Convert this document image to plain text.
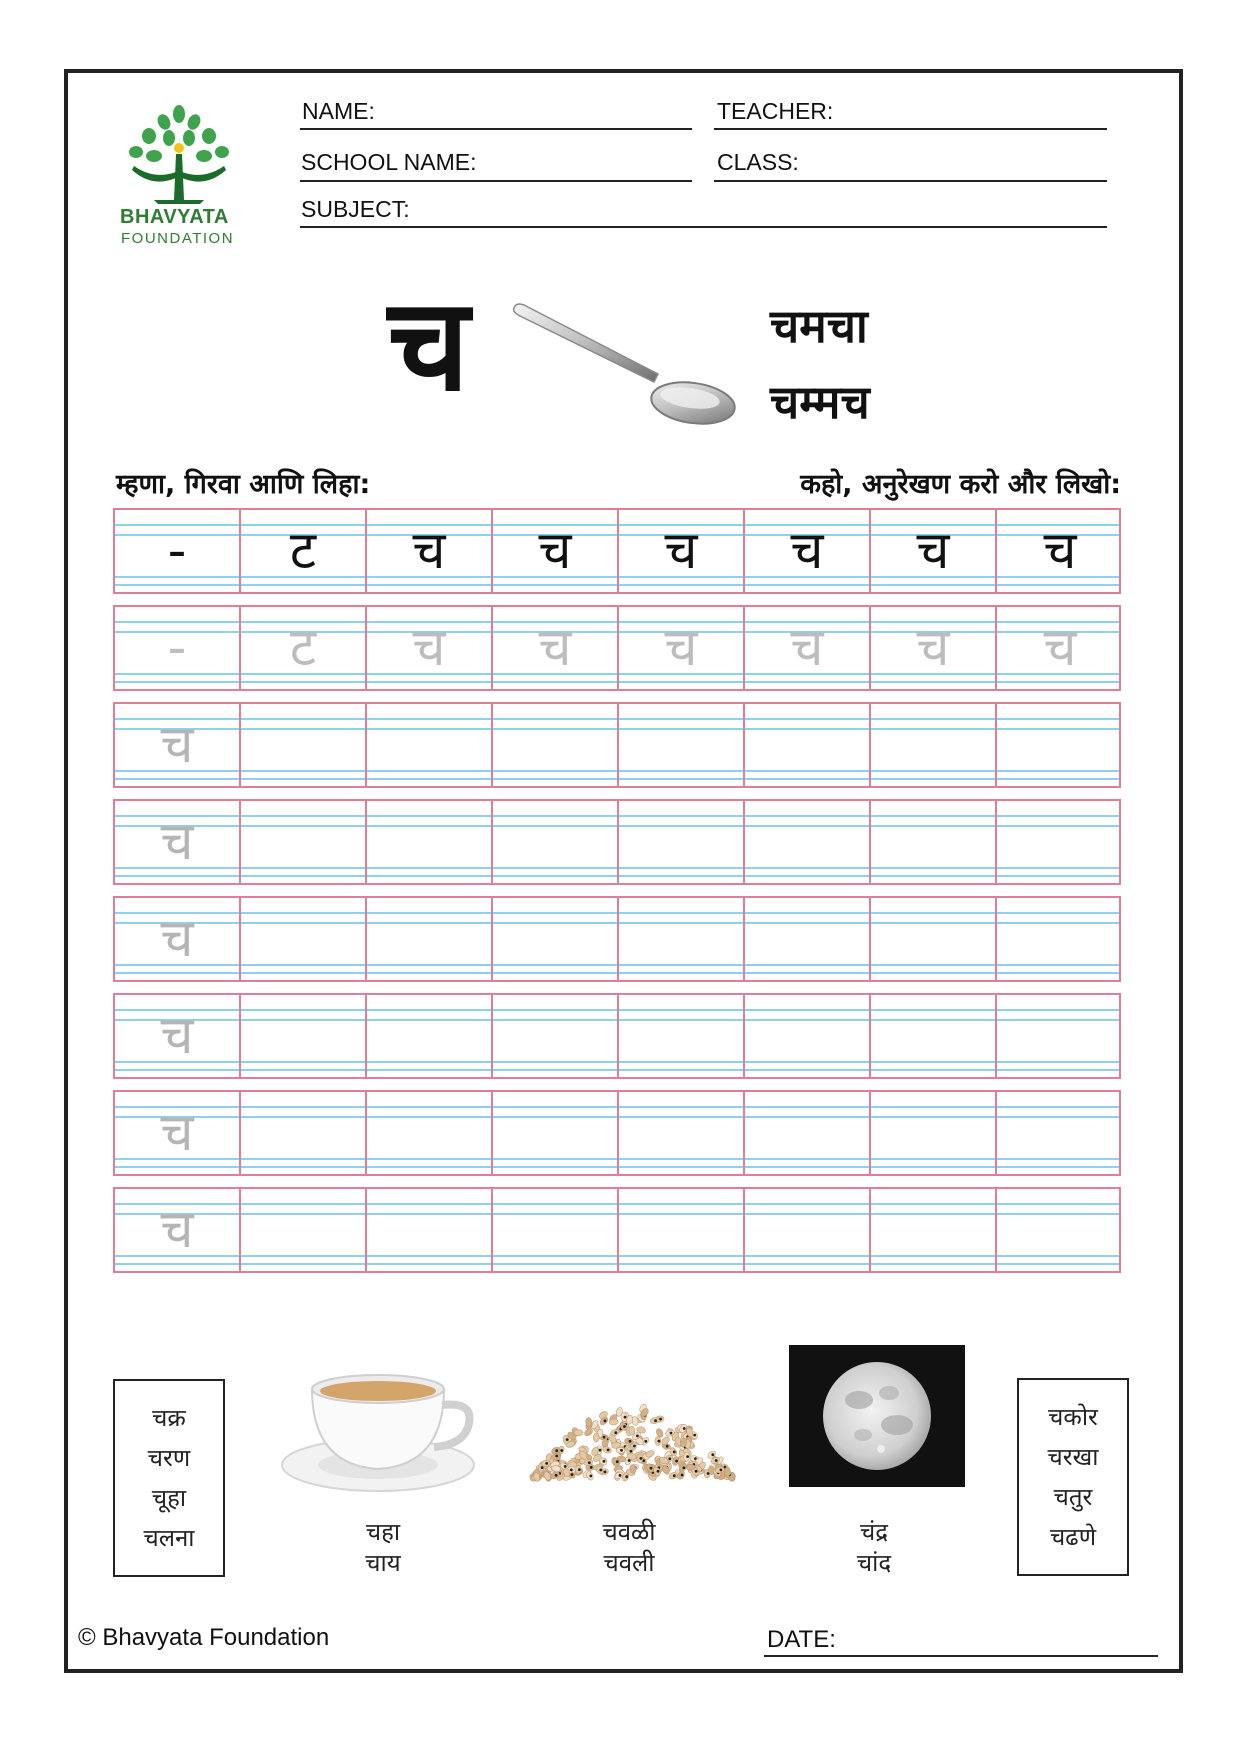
BHAVYATA
FOUNDATION
NAME:	TEACHER:
SCHOOL NAME:	CLASS:
SUBJECT:
च	चमचा
चम्मच
म्हणा, गिरवा आणि लिहा:	कहो, अनुरेखण करो और लिखो:
-	ट	च	च	च	च	च	च
-	ट	च	च	च	च	च	च
च
च
च
च
च
च
चक्र
चरण
चूहा
चलना	चहा
चाय
चवळी
चवली
चंद्र
चांद
चकोर
चरखा
चतुर
चढणे
© Bhavyata Foundation	DATE:
